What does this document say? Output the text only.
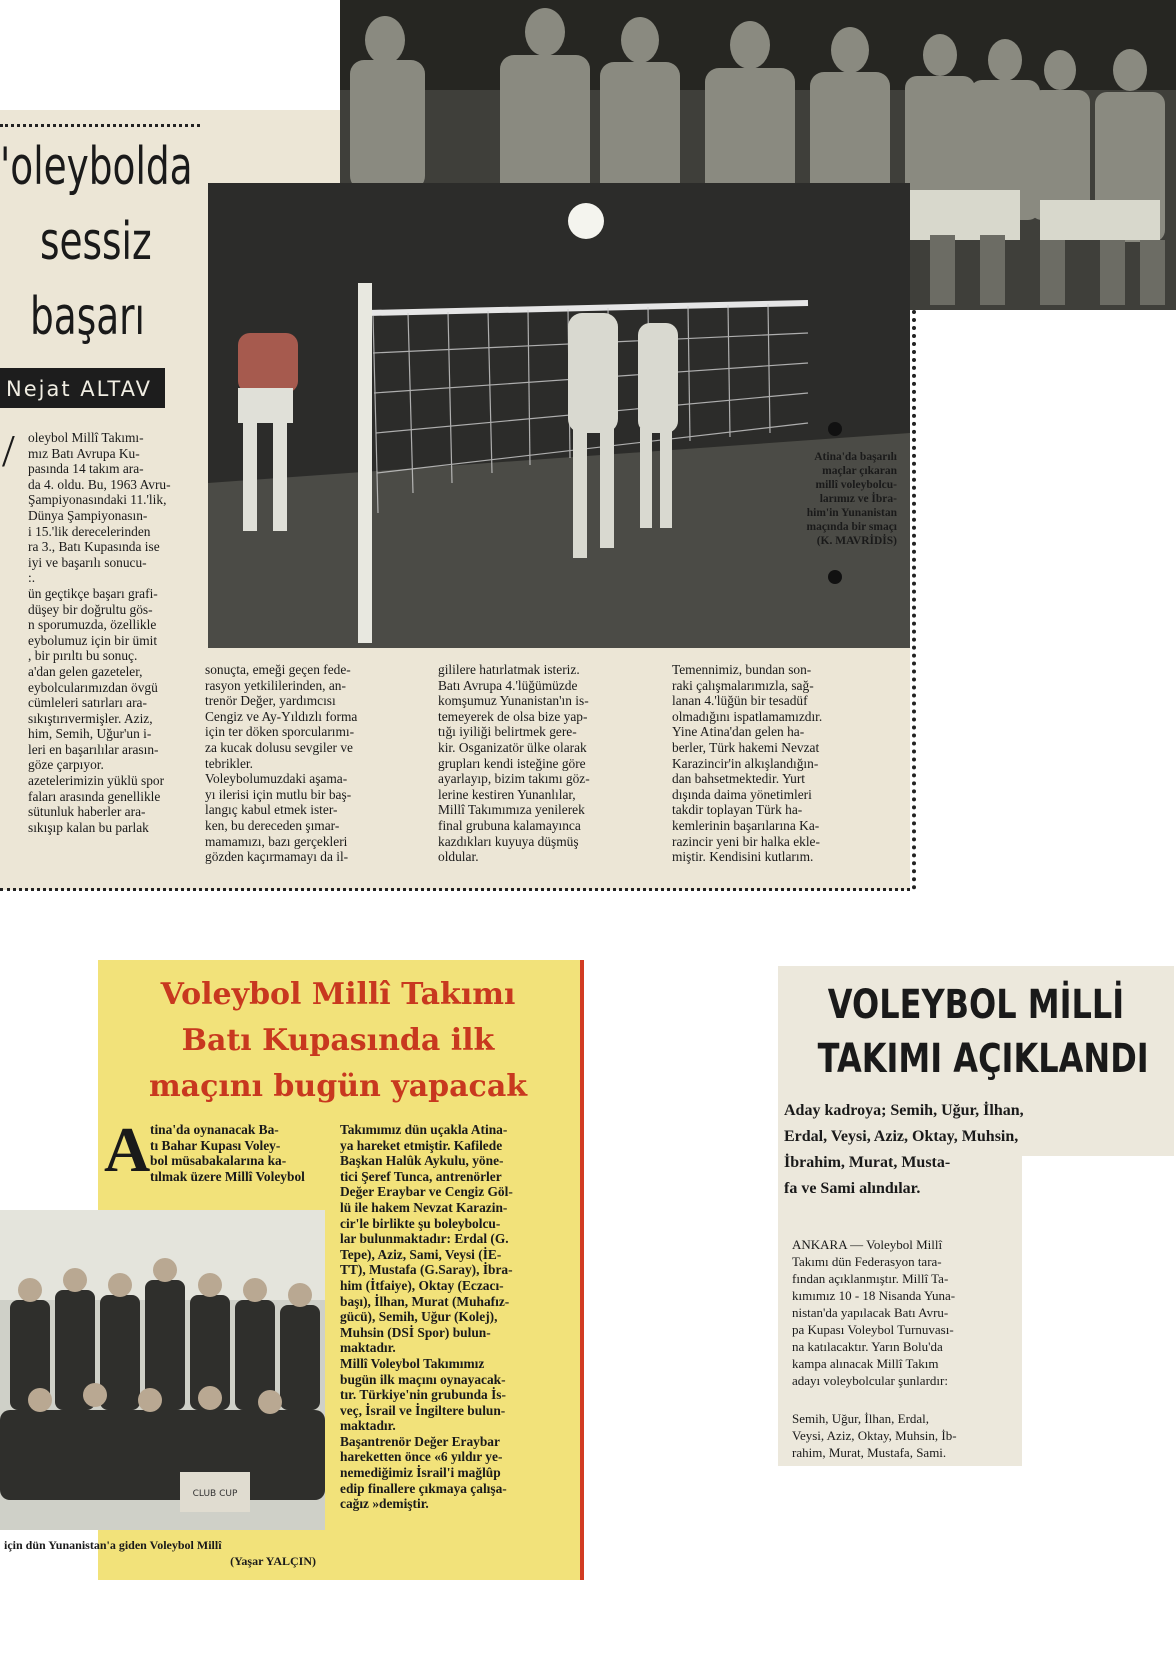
'oleybolda
sessiz
başarı
Nejat ALTAV
Atina'da başarılı
maçlar çıkaran
millî voleybolcu-
larımız ve İbra-
him'in Yunanistan
maçında bir smaçı
(K. MAVRİDİS)
/ oleybol Millî Takımı-
mız Batı Avrupa Ku-
pasında 14 takım ara-
da 4. oldu. Bu, 1963 Avru-
Şampiyonasındaki 11.'lik,
Dünya Şampiyonasın-
i 15.'lik derecelerinden
ra 3., Batı Kupasında ise
iyi ve başarılı sonucu-
:.
ün geçtikçe başarı grafi-
düşey bir doğrultu gös-
n sporumuzda, özellikle
eybolumuz için bir ümit
, bir pırıltı bu sonuç.
a'dan gelen gazeteler,
eybolcularımızdan övgü
cümleleri satırları ara-
sıkıştırıvermişler. Aziz,
him, Semih, Uğur'un i-
leri en başarılılar arasın-
göze çarpıyor.
azetelerimizin yüklü spor
faları arasında genellikle
sütunluk haberler ara-
sıkışıp kalan bu parlak
sonuçta, emeği geçen fede-
rasyon yetkililerinden, an-
trenör Değer, yardımcısı
Cengiz ve Ay-Yıldızlı forma
için ter döken sporcularımı-
za kucak dolusu sevgiler ve
tebrikler.
Voleybolumuzdaki aşama-
yı ilerisi için mutlu bir baş-
langıç kabul etmek ister-
ken, bu dereceden şımar-
mamamızı, bazı gerçekleri
gözden kaçırmamayı da il-
gililere hatırlatmak isteriz.
Batı Avrupa 4.'lüğümüzde
komşumuz Yunanistan'ın is-
temeyerek de olsa bize yap-
tığı iyiliği belirtmek gere-
kir. Osganizatör ülke olarak
grupları kendi isteğine göre
ayarlayıp, bizim takımı göz-
lerine kestiren Yunanlılar,
Millî Takımımıza yenilerek
final grubuna kalamayınca
kazdıkları kuyuya düşmüş
oldular.
Temennimiz, bundan son-
raki çalışmalarımızla, sağ-
lanan 4.'lüğün bir tesadüf
olmadığını ispatlamamızdır.
Yine Atina'dan gelen ha-
berler, Türk hakemi Nevzat
Karazincir'in alkışlandığın-
dan bahsetmektedir. Yurt
dışında daima yönetimleri
takdir toplayan Türk ha-
kemlerinin başarılarına Ka-
razincir yeni bir halka ekle-
miştir. Kendisini kutlarım.
Voleybol Millî Takımı
Batı Kupasında ilk
maçını bugün yapacak
A tina'da oynanacak Ba-
tı Bahar Kupası Voley-
bol müsabakalarına ka-
tılmak üzere Millî Voleybol
Takımımız dün uçakla Atina-
ya hareket etmiştir. Kafilede
Başkan Halûk Aykulu, yöne-
tici Şeref Tunca, antrenörler
Değer Eraybar ve Cengiz Göl-
lü ile hakem Nevzat Karazin-
cir'le birlikte şu boleybolcu-
lar bulunmaktadır: Erdal (G.
Tepe), Aziz, Sami, Veysi (İE-
TT), Mustafa (G.Saray), İbra-
him (İtfaiye), Oktay (Eczacı-
başı), İlhan, Murat (Muhafız-
gücü), Semih, Uğur (Kolej),
Muhsin (DSİ Spor) bulun-
maktadır.
Millî Voleybol Takımımız
bugün ilk maçını oynayacak-
tır. Türkiye'nin grubunda İs-
veç, İsrail ve İngiltere bulun-
maktadır.
Başantrenör Değer Eraybar
hareketten önce «6 yıldır ye-
nemediğimiz İsrail'i mağlûp
edip finallere çıkmaya çalışa-
cağız »demiştir.
CLUB CUP
için dün Yunanistan'a giden Voleybol Millî
(Yaşar YALÇIN)
VOLEYBOL MİLLİ
TAKIMI AÇIKLANDI
Aday kadroya; Semih, Uğur, İlhan,
Erdal, Veysi, Aziz, Oktay, Muhsin,
İbrahim, Murat, Musta-
fa ve Sami alındılar.
ANKARA — Voleybol Millî
Takımı dün Federasyon tara-
fından açıklanmıştır. Millî Ta-
kımımız 10 - 18 Nisanda Yuna-
nistan'da yapılacak Batı Avru-
pa Kupası Voleybol Turnuvası-
na katılacaktır. Yarın Bolu'da
kampa alınacak Millî Takım
adayı voleybolcular şunlardır:
Semih, Uğur, İlhan, Erdal,
Veysi, Aziz, Oktay, Muhsin, İb-
rahim, Murat, Mustafa, Sami.
